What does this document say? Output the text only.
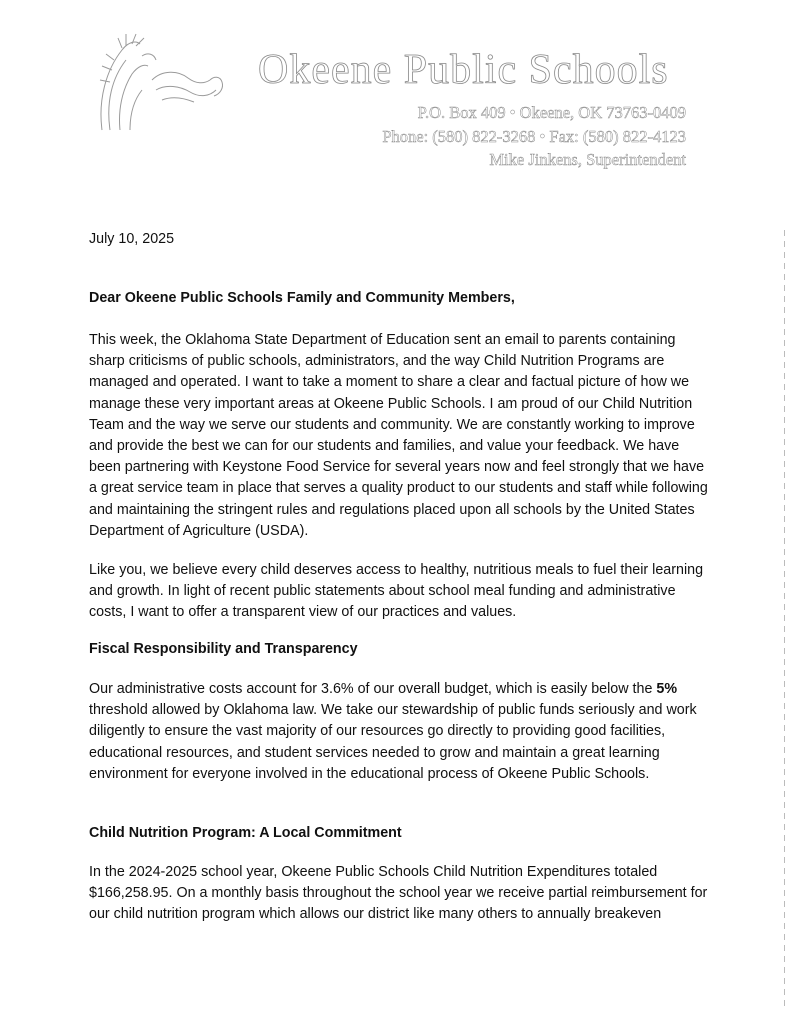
Okeene Public Schools
P.O. Box 409 • Okeene, OK 73763-0409
Phone: (580) 822-3268 • Fax: (580) 822-4123
Mike Jinkens, Superintendent
July 10, 2025
Dear Okeene Public Schools Family and Community Members,

This week, the Oklahoma State Department of Education sent an email to parents containing sharp criticisms of public schools, administrators, and the way Child Nutrition Programs are managed and operated. I want to take a moment to share a clear and factual picture of how we manage these very important areas at Okeene Public Schools. I am proud of our Child Nutrition Team and the way we serve our students and community. We are constantly working to improve and provide the best we can for our students and families, and value your feedback. We have been partnering with Keystone Food Service for several years now and feel strongly that we have a great service team in place that serves a quality product to our students and staff while following and maintaining the stringent rules and regulations placed upon all schools by the United States Department of Agriculture (USDA).

Like you, we believe every child deserves access to healthy, nutritious meals to fuel their learning and growth. In light of recent public statements about school meal funding and administrative costs, I want to offer a transparent view of our practices and values.

Fiscal Responsibility and Transparency

Our administrative costs account for 3.6% of our overall budget, which is easily below the 5% threshold allowed by Oklahoma law. We take our stewardship of public funds seriously and work diligently to ensure the vast majority of our resources go directly to providing good facilities, educational resources, and student services needed to grow and maintain a great learning environment for everyone involved in the educational process of Okeene Public Schools.

Child Nutrition Program: A Local Commitment

In the 2024-2025 school year, Okeene Public Schools Child Nutrition Expenditures totaled $166,258.95. On a monthly basis throughout the school year we receive partial reimbursement for our child nutrition program which allows our district like many others to annually breakeven
